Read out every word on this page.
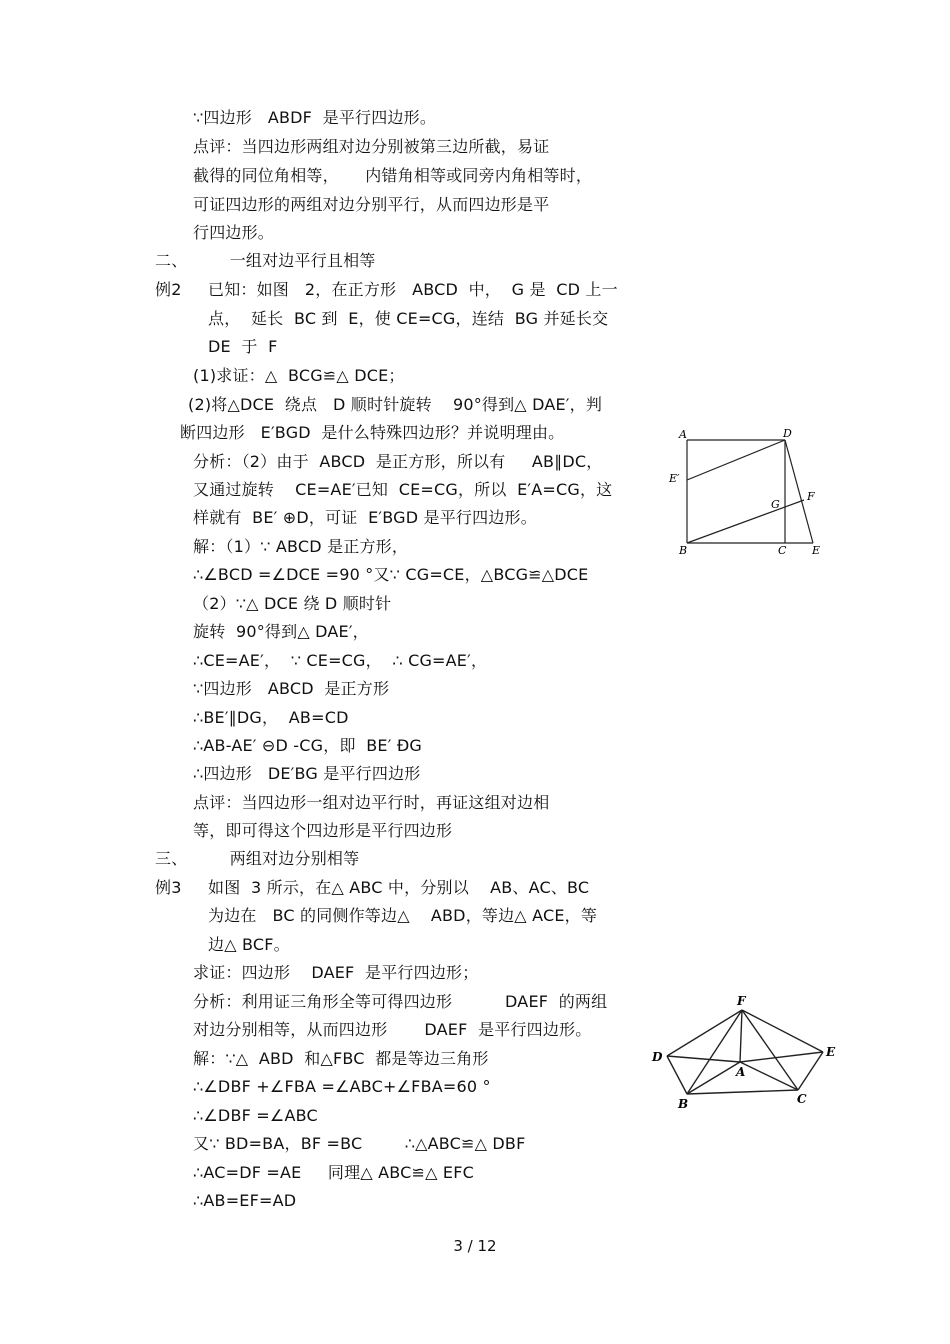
∵四边形   ABDF  是平行四边形。
点评：当四边形两组对边分别被第三边所截，易证
截得的同位角相等，     内错角相等或同旁内角相等时，
可证四边形的两组对边分别平行，从而四边形是平
行四边形。
二、        一组对边平行且相等
例2     已知：如图   2，在正方形   ABCD  中，  G 是  CD 上一
点，  延长  BC 到  E，使 CE=CG，连结  BG 并延长交
DE  于  F
(1)求证：△  BCG≌△ DCE；
(2)将△DCE  绕点   D 顺时针旋转    90°得到△ DAE′，判
断四边形   E′BGD  是什么特殊四边形？并说明理由。
分析：（2）由于  ABCD  是正方形，所以有     AB∥DC，
又通过旋转    CE=AE′已知  CE=CG，所以  E′A=CG，这
样就有  BE′ ⊕D，可证  E′BGD 是平行四边形。
解：（1）∵ ABCD 是正方形，
∴∠BCD =∠DCE =90 °又∵ CG=CE，△BCG≌△DCE
（2）∵△ DCE 绕 D 顺时针
旋转  90°得到△ DAE′，
∴CE=AE′，  ∵ CE=CG，  ∴ CG=AE′，
∵四边形   ABCD  是正方形
∴BE′∥DG，  AB=CD
∴AB-AE′ ⊖D -CG，即  BE′ ÐG
∴四边形   DE′BG 是平行四边形
点评：当四边形一组对边平行时，再证这组对边相
等，即可得这个四边形是平行四边形
三、        两组对边分别相等
例3     如图  3 所示，在△ ABC 中，分别以    AB、AC、BC
为边在   BC 的同侧作等边△    ABD，等边△ ACE，等
边△ BCF。
求证：四边形    DAEF  是平行四边形；
分析：利用证三角形全等可得四边形          DAEF  的两组
对边分别相等，从而四边形       DAEF  是平行四边形。
解：∵△  ABD  和△FBC  都是等边三角形
∴∠DBF +∠FBA =∠ABC+∠FBA=60 °
∴∠DBF =∠ABC
又∵ BD=BA，BF =BC        ∴△ABC≌△ DBF
∴AC=DF =AE     同理△ ABC≌△ EFC
∴AB=EF=AD
A	D
E′
G
F
B	C E
F
D	E
A
B	C
3 / 12
